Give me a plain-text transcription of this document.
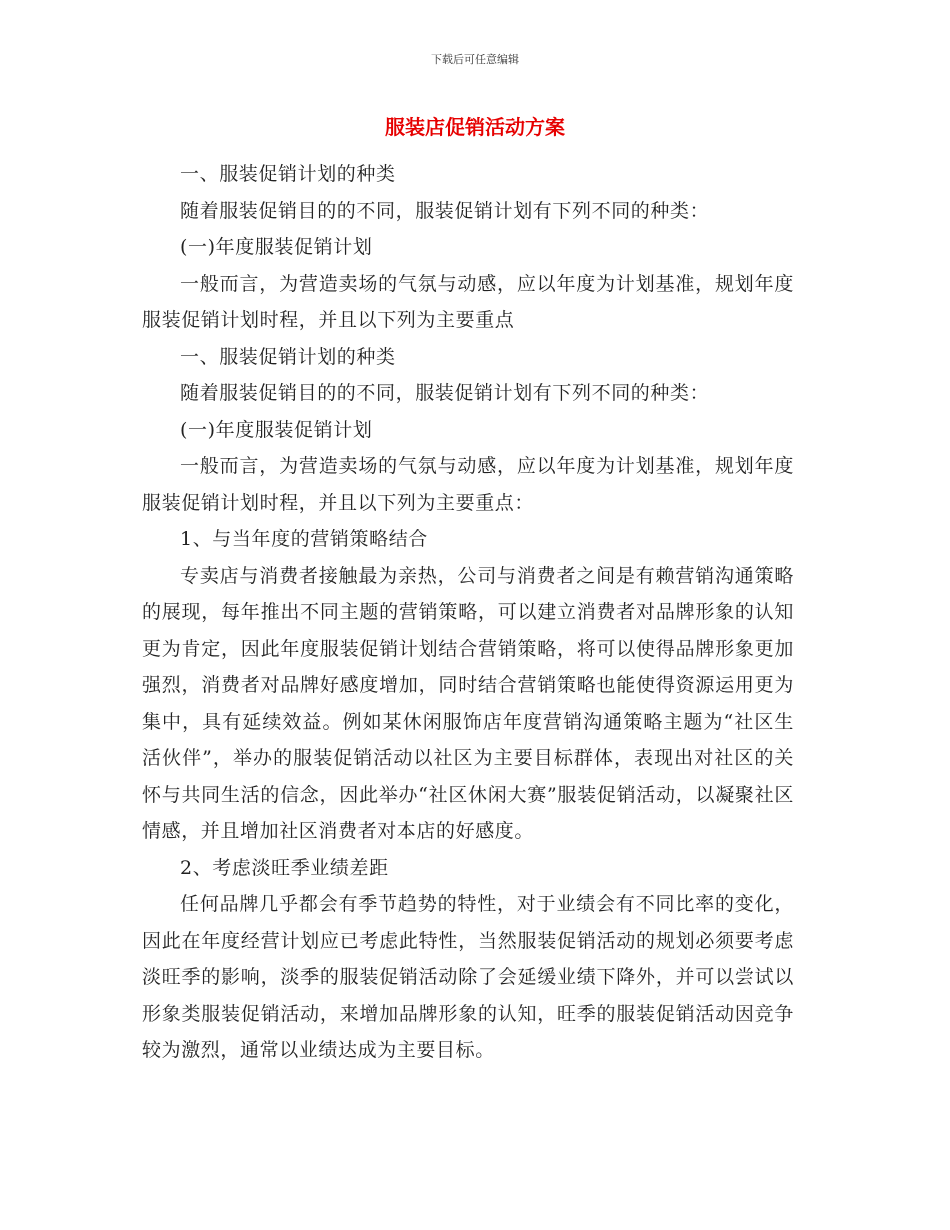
下载后可任意编辑
服装店促销活动方案

一、服装促销计划的种类

随着服装促销目的的不同，服装促销计划有下列不同的种类：

(一)年度服装促销计划

一般而言，为营造卖场的气氛与动感，应以年度为计划基准，规划年度服装促销计划时程，并且以下列为主要重点

一、服装促销计划的种类

随着服装促销目的的不同，服装促销计划有下列不同的种类：

(一)年度服装促销计划

一般而言，为营造卖场的气氛与动感，应以年度为计划基准，规划年度服装促销计划时程，并且以下列为主要重点：

1、与当年度的营销策略结合

专卖店与消费者接触最为亲热，公司与消费者之间是有赖营销沟通策略的展现，每年推出不同主题的营销策略，可以建立消费者对品牌形象的认知更为肯定，因此年度服装促销计划结合营销策略，将可以使得品牌形象更加强烈，消费者对品牌好感度增加，同时结合营销策略也能使得资源运用更为集中，具有延续效益。例如某休闲服饰店年度营销沟通策略主题为“社区生活伙伴”，举办的服装促销活动以社区为主要目标群体，表现出对社区的关怀与共同生活的信念，因此举办“社区休闲大赛”服装促销活动，以凝聚社区情感，并且增加社区消费者对本店的好感度。

2、考虑淡旺季业绩差距

任何品牌几乎都会有季节趋势的特性，对于业绩会有不同比率的变化，因此在年度经营计划应已考虑此特性，当然服装促销活动的规划必须要考虑淡旺季的影响，淡季的服装促销活动除了会延缓业绩下降外，并可以尝试以形象类服装促销活动，来增加品牌形象的认知，旺季的服装促销活动因竞争较为激烈，通常以业绩达成为主要目标。
